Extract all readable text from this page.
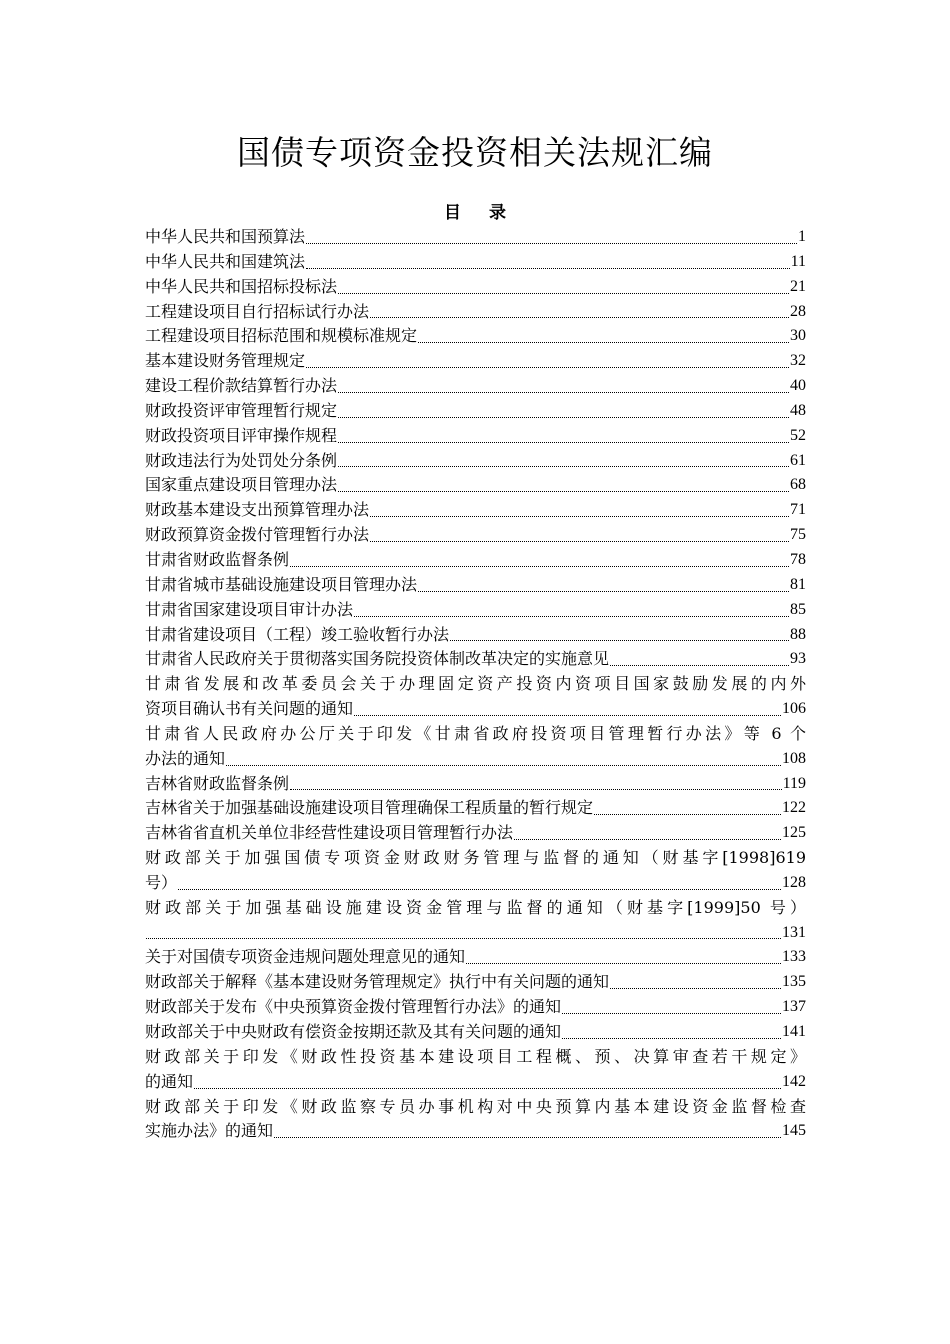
国债专项资金投资相关法规汇编
目录
中华人民共和国预算法	1
中华人民共和国建筑法	11
中华人民共和国招标投标法	21
工程建设项目自行招标试行办法	28
工程建设项目招标范围和规模标准规定	30
基本建设财务管理规定	32
建设工程价款结算暂行办法	40
财政投资评审管理暂行规定	48
财政投资项目评审操作规程	52
财政违法行为处罚处分条例	61
国家重点建设项目管理办法	68
财政基本建设支出预算管理办法	71
财政预算资金拨付管理暂行办法	75
甘肃省财政监督条例	78
甘肃省城市基础设施建设项目管理办法	81
甘肃省国家建设项目审计办法	85
甘肃省建设项目（工程）竣工验收暂行办法	88
甘肃省人民政府关于贯彻落实国务院投资体制改革决定的实施意见	93
甘肃省发展和改革委员会关于办理固定资产投资内资项目国家鼓励发展的内外
资项目确认书有关问题的通知	106
甘肃省人民政府办公厅关于印发《甘肃省政府投资项目管理暂行办法》等 6 个
办法的通知	108
吉林省财政监督条例	119
吉林省关于加强基础设施建设项目管理确保工程质量的暂行规定	122
吉林省省直机关单位非经营性建设项目管理暂行办法	125
财政部关于加强国债专项资金财政财务管理与监督的通知（财基字[1998]619
号）	128
财政部关于加强基础设施建设资金管理与监督的通知（财基字[1999]50 号）
131
关于对国债专项资金违规问题处理意见的通知	133
财政部关于解释《基本建设财务管理规定》执行中有关问题的通知	135
财政部关于发布《中央预算资金拨付管理暂行办法》的通知	137
财政部关于中央财政有偿资金按期还款及其有关问题的通知	141
财政部关于印发《财政性投资基本建设项目工程概、预、决算审查若干规定》
的通知	142
财政部关于印发《财政监察专员办事机构对中央预算内基本建设资金监督检查
实施办法》的通知	145
